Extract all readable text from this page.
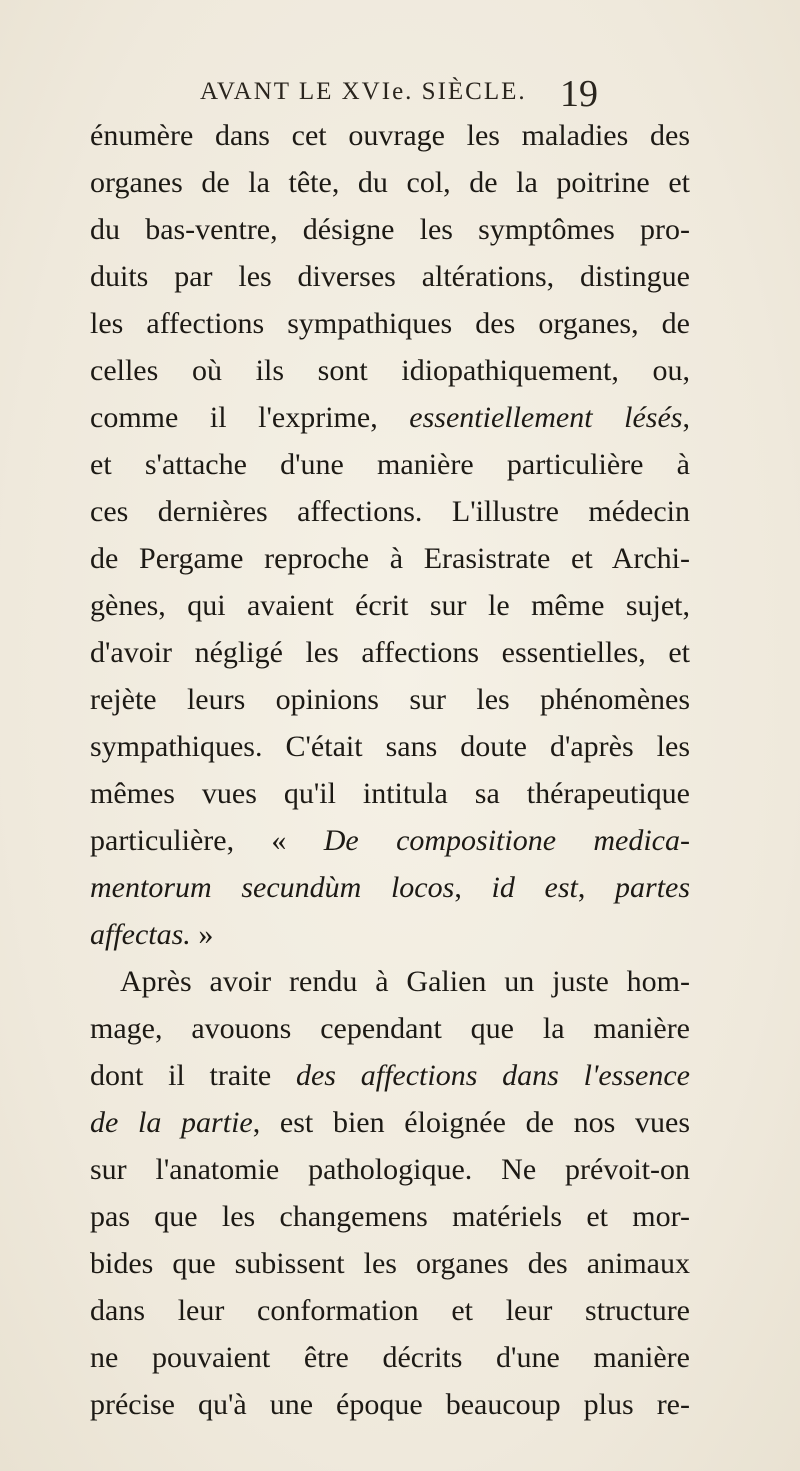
AVANT LE XVIe. SIÈCLE. 19
énumère dans cet ouvrage les maladies des
organes de la tête, du col, de la poitrine et
du bas-ventre, désigne les symptômes pro-
duits par les diverses altérations, distingue
les affections sympathiques des organes, de
celles où ils sont idiopathiquement, ou,
comme il l'exprime, essentiellement lésés,
et s'attache d'une manière particulière à
ces dernières affections. L'illustre médecin
de Pergame reproche à Erasistrate et Archi-
gènes, qui avaient écrit sur le même sujet,
d'avoir négligé les affections essentielles, et
rejète leurs opinions sur les phénomènes
sympathiques. C'était sans doute d'après les
mêmes vues qu'il intitula sa thérapeutique
particulière, « De compositione medica-
mentorum secundùm locos, id est, partes
affectas. »
Après avoir rendu à Galien un juste hom-
mage, avouons cependant que la manière
dont il traite des affections dans l'essence
de la partie, est bien éloignée de nos vues
sur l'anatomie pathologique. Ne prévoit-on
pas que les changemens matériels et mor-
bides que subissent les organes des animaux
dans leur conformation et leur structure
ne pouvaient être décrits d'une manière
précise qu'à une époque beaucoup plus re-
